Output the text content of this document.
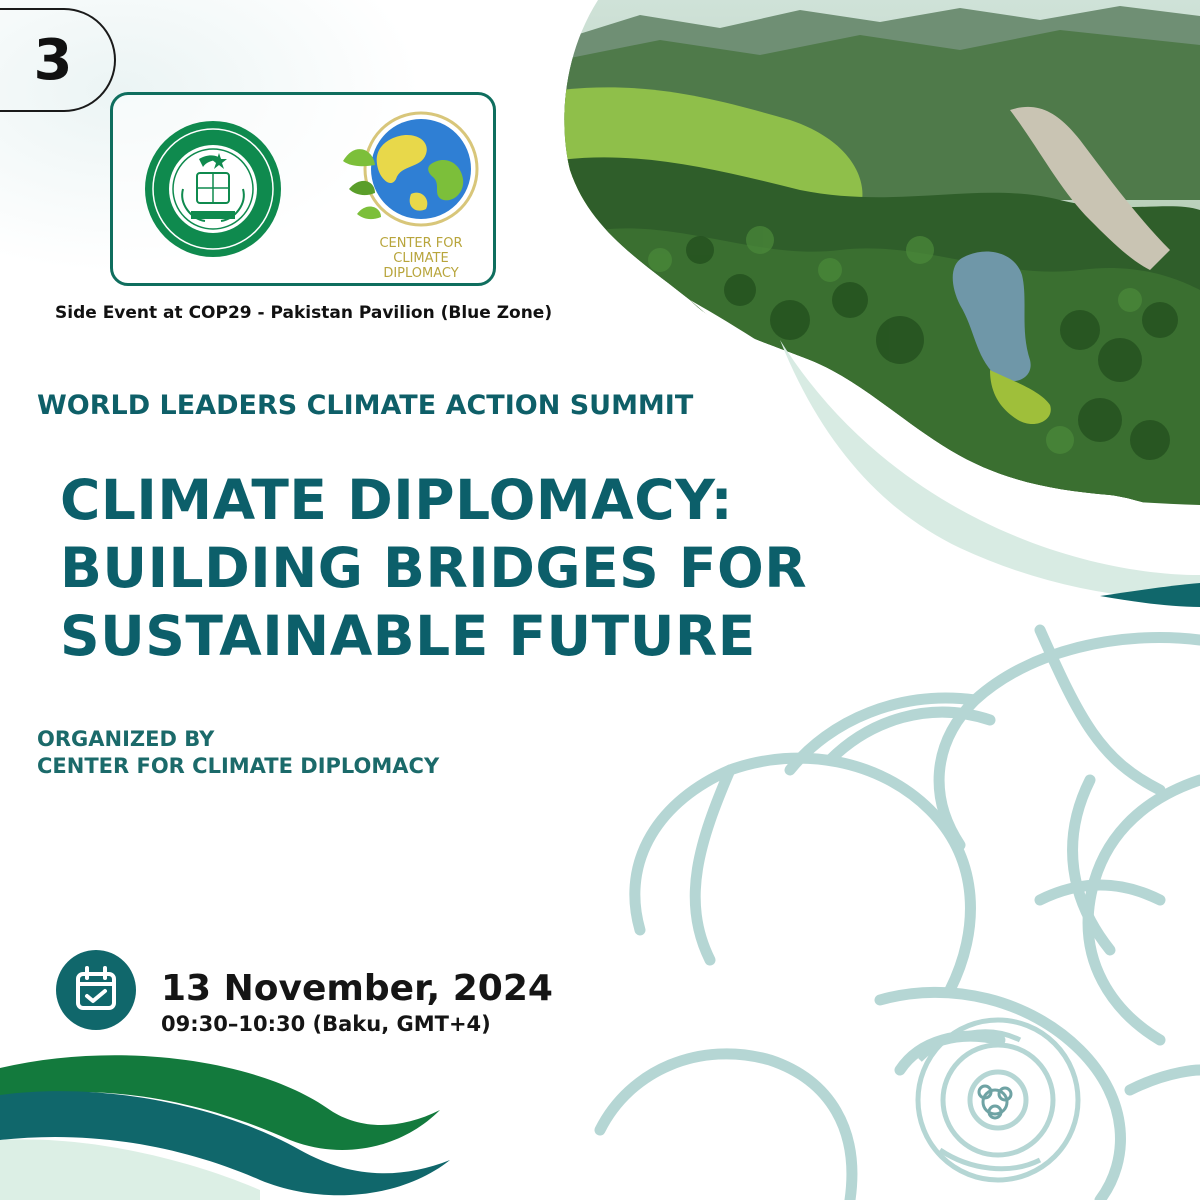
3
CENTER FOR
CLIMATE
DIPLOMACY
Side Event at COP29 - Pakistan Pavilion (Blue Zone)
WORLD LEADERS CLIMATE ACTION SUMMIT
CLIMATE DIPLOMACY:
BUILDING BRIDGES FOR
SUSTAINABLE FUTURE
ORGANIZED BY
CENTER FOR CLIMATE DIPLOMACY
13 November, 2024
09:30–10:30 (Baku, GMT+4)
